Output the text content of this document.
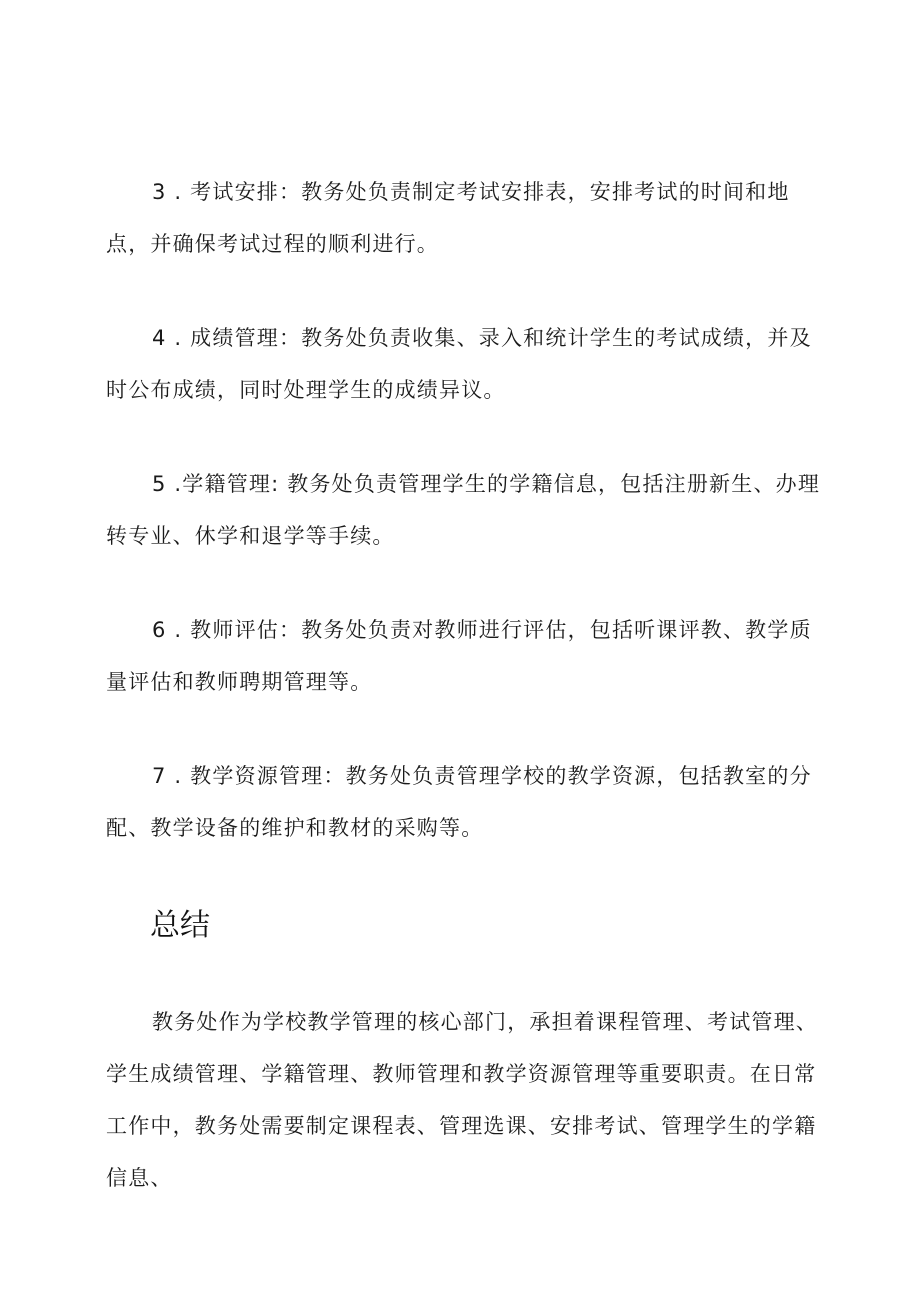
3 . 考试安排：教务处负责制定考试安排表，安排考试的时间和地点，并确保考试过程的顺利进行。

4 . 成绩管理：教务处负责收集、录入和统计学生的考试成绩，并及时公布成绩，同时处理学生的成绩异议。

5 .学籍管理: 教务处负责管理学生的学籍信息，包括注册新生、办理转专业、休学和退学等手续。

6 . 教师评估：教务处负责对教师进行评估，包括听课评教、教学质量评估和教师聘期管理等。

7 . 教学资源管理：教务处负责管理学校的教学资源，包括教室的分配、教学设备的维护和教材的采购等。

总结

教务处作为学校教学管理的核心部门，承担着课程管理、考试管理、学生成绩管理、学籍管理、教师管理和教学资源管理等重要职责。在日常工作中，教务处需要制定课程表、管理选课、安排考试、管理学生的学籍信息、
